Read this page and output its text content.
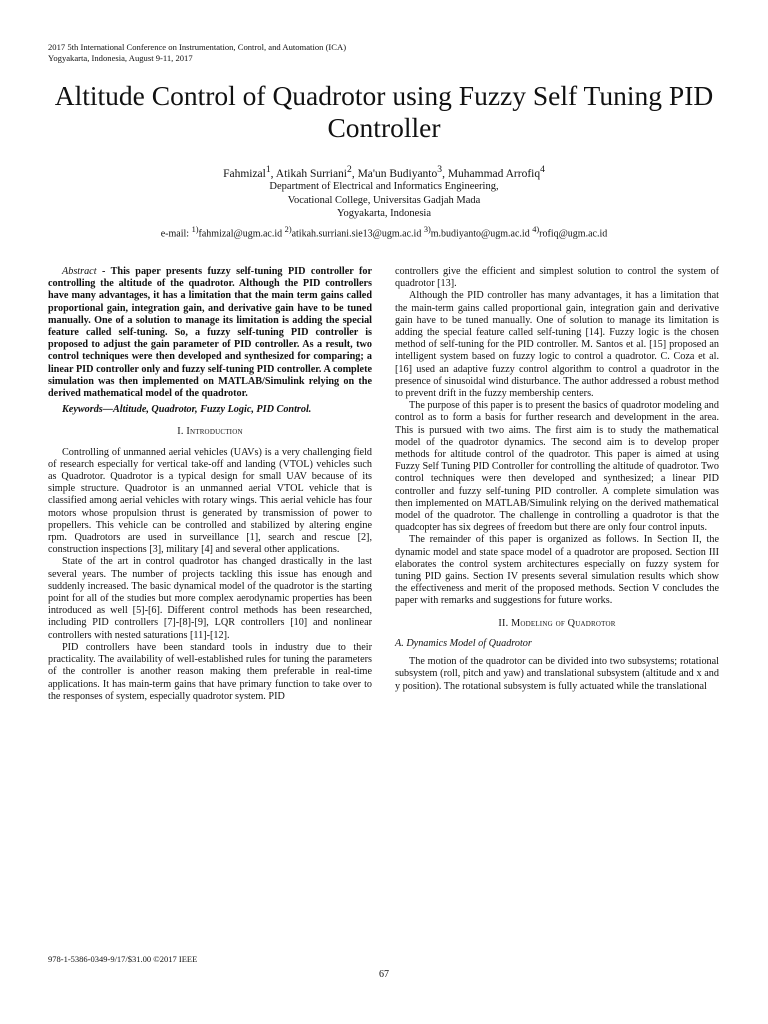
2017 5th International Conference on Instrumentation, Control, and Automation (ICA)
Yogyakarta, Indonesia, August 9-11, 2017
Altitude Control of Quadrotor using Fuzzy Self Tuning PID Controller
Fahmizal$^1$, Atikah Surriani$^2$, Ma'un Budiyanto$^3$, Muhammad Arrofiq$^4$
Department of Electrical and Informatics Engineering,
Vocational College, Universitas Gadjah Mada
Yogyakarta, Indonesia
e-mail: $^{1)}$fahmizal@ugm.ac.id $^{2)}$atikah.surriani.sie13@ugm.ac.id $^{3)}$m.budiyanto@ugm.ac.id $^{4)}$rofiq@ugm.ac.id

Abstract - This paper presents fuzzy self-tuning PID controller for controlling the altitude of the quadrotor. Although the PID controllers have many advantages, it has a limitation that the main term gains called proportional gain, integration gain, and derivative gain have to be tuned manually. One of a solution to manage its limitation is adding the special feature called self-tuning. So, a fuzzy self-tuning PID controller is proposed to adjust the gain parameter of PID controller. As a result, two control techniques were then developed and synthesized for comparing; a linear PID controller only and fuzzy self-tuning PID controller. A complete simulation was then implemented on MATLAB/Simulink relying on the derived mathematical model of the quadrotor.

Keywords—Altitude, Quadrotor, Fuzzy Logic, PID Control.

I. Introduction

Controlling of unmanned aerial vehicles (UAVs) is a very challenging field of research especially for vertical take-off and landing (VTOL) vehicles such as Quadrotor. Quadrotor is a typical design for small UAV because of its simple structure. Quadrotor is an unmanned aerial VTOL vehicle that is classified among aerial vehicles with rotary wings. This aerial vehicle has four motors whose propulsion thrust is generated by transmission of power to propellers. This vehicle can be controlled and stabilized by altering engine rpm. Quadrotors are used in surveillance [1], search and rescue [2], construction inspections [3], military [4] and several other applications.

State of the art in control quadrotor has changed drastically in the last several years. The number of projects tackling this issue has enough and suddenly increased. The basic dynamical model of the quadrotor is the starting point for all of the studies but more complex aerodynamic properties has been introduced as well [5]-[6]. Different control methods has been researched, including PID controllers [7]-[8]-[9], LQR controllers [10] and nonlinear controllers with nested saturations [11]-[12].

PID controllers have been standard tools in industry due to their practicality. The availability of well-established rules for tuning the parameters of the controller is another reason making them preferable in real-time applications. It has main-term gains that have primary function to take over to the responses of system, especially quadrotor system. PID

controllers give the efficient and simplest solution to control the system of quadrotor [13].

Although the PID controller has many advantages, it has a limitation that the main-term gains called proportional gain, integration gain and derivative gain have to be tuned manually. One of solution to manage its limitation is adding the special feature called self-tuning [14]. Fuzzy logic is the chosen method of self-tuning for the PID controller. M. Santos et al. [15] proposed an intelligent system based on fuzzy logic to control a quadrotor. C. Coza et al. [16] used an adaptive fuzzy control algorithm to control a quadrotor in the presence of sinusoidal wind disturbance. The author addressed a robust method to prevent drift in the fuzzy membership centers.

The purpose of this paper is to present the basics of quadrotor modeling and control as to form a basis for further research and development in the area. This is pursued with two aims. The first aim is to study the mathematical model of the quadrotor dynamics. The second aim is to develop proper methods for altitude control of the quadrotor. This paper is aimed at using Fuzzy Self Tuning PID Controller for controlling the altitude of quadrotor. Two control techniques were then developed and synthesized; a linear PID controller and fuzzy self-tuning PID controller. A complete simulation was then implemented on MATLAB/Simulink relying on the derived mathematical model of the quadrotor. The challenge in controlling a quadrotor is that the quadcopter has six degrees of freedom but there are only four control inputs.

The remainder of this paper is organized as follows. In Section II, the dynamic model and state space model of a quadrotor are proposed. Section III elaborates the control system architectures especially on fuzzy system for tuning PID gains. Section IV presents several simulation results which show the effectiveness and merit of the proposed methods. Section V concludes the paper with remarks and suggestions for future works.

II. Modeling of Quadrotor
A. Dynamics Model of Quadrotor

The motion of the quadrotor can be divided into two subsystems; rotational subsystem (roll, pitch and yaw) and translational subsystem (altitude and x and y position). The rotational subsystem is fully actuated while the translational

978-1-5386-0349-9/17/$31.00 ©2017 IEEE
67
